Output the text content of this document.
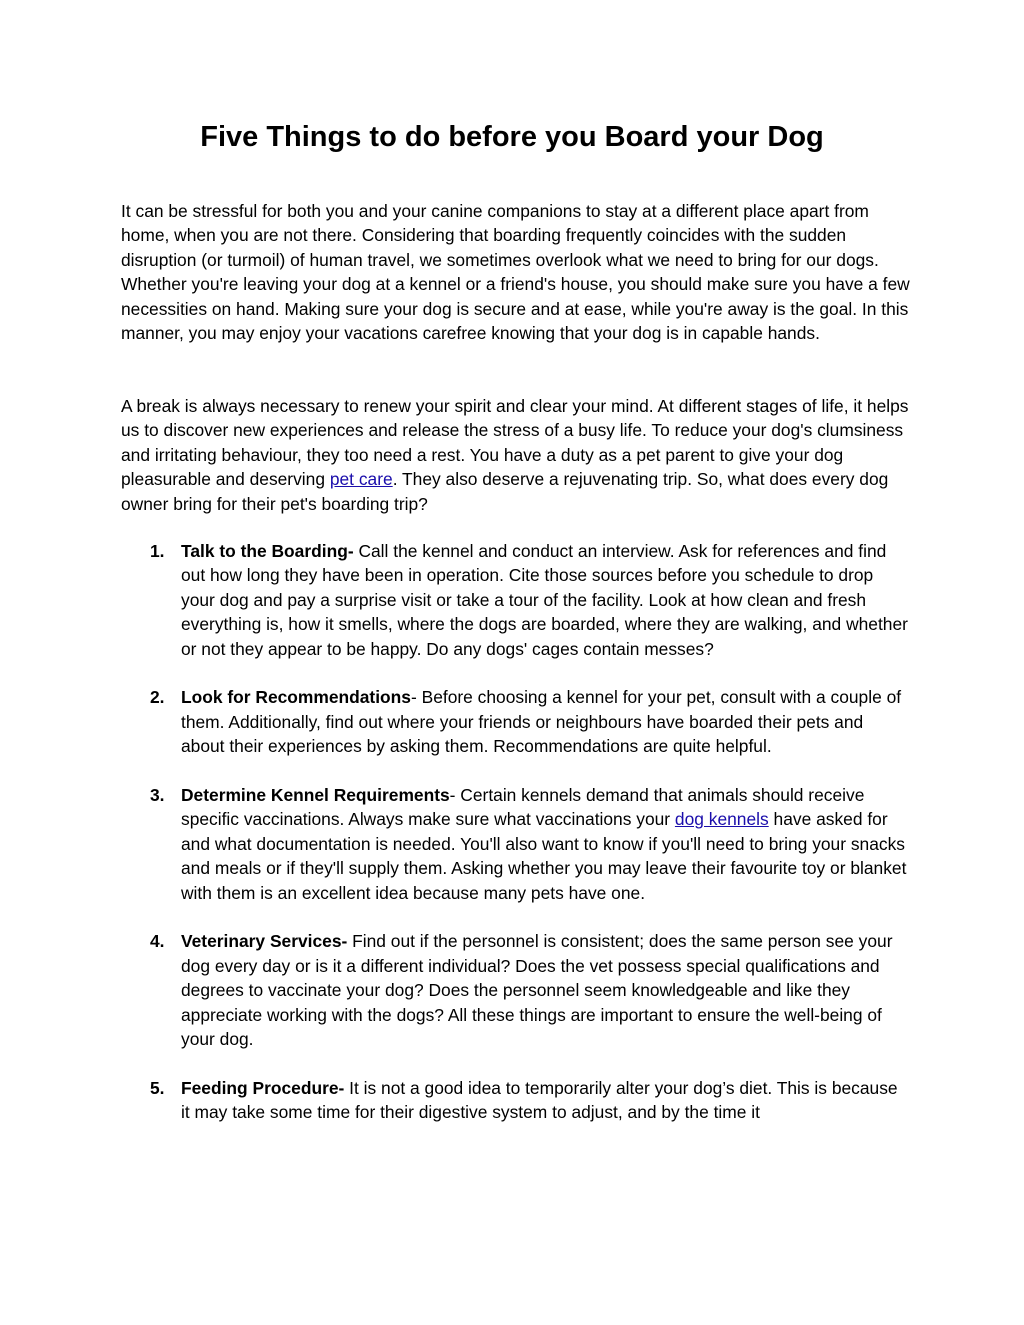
Five Things to do before you Board your Dog

It can be stressful for both you and your canine companions to stay at a different place apart from home, when you are not there. Considering that boarding frequently coincides with the sudden disruption (or turmoil) of human travel, we sometimes overlook what we need to bring for our dogs. Whether you're leaving your dog at a kennel or a friend's house, you should make sure you have a few necessities on hand. Making sure your dog is secure and at ease, while you're away is the goal. In this manner, you may enjoy your vacations carefree knowing that your dog is in capable hands.

A break is always necessary to renew your spirit and clear your mind. At different stages of life, it helps us to discover new experiences and release the stress of a busy life. To reduce your dog's clumsiness and irritating behaviour, they too need a rest. You have a duty as a pet parent to give your dog pleasurable and deserving pet care. They also deserve a rejuvenating trip. So, what does every dog owner bring for their pet's boarding trip?

1. Talk to the Boarding- Call the kennel and conduct an interview. Ask for references and find out how long they have been in operation. Cite those sources before you schedule to drop your dog and pay a surprise visit or take a tour of the facility. Look at how clean and fresh everything is, how it smells, where the dogs are boarded, where they are walking, and whether or not they appear to be happy. Do any dogs' cages contain messes?
2. Look for Recommendations- Before choosing a kennel for your pet, consult with a couple of them. Additionally, find out where your friends or neighbours have boarded their pets and about their experiences by asking them. Recommendations are quite helpful.
3. Determine Kennel Requirements- Certain kennels demand that animals should receive specific vaccinations. Always make sure what vaccinations your dog kennels have asked for and what documentation is needed. You'll also want to know if you'll need to bring your snacks and meals or if they'll supply them. Asking whether you may leave their favourite toy or blanket with them is an excellent idea because many pets have one.
4. Veterinary Services- Find out if the personnel is consistent; does the same person see your dog every day or is it a different individual? Does the vet possess special qualifications and degrees to vaccinate your dog? Does the personnel seem knowledgeable and like they appreciate working with the dogs? All these things are important to ensure the well-being of your dog.
5. Feeding Procedure- It is not a good idea to temporarily alter your dog’s diet. This is because it may take some time for their digestive system to adjust, and by the time it
